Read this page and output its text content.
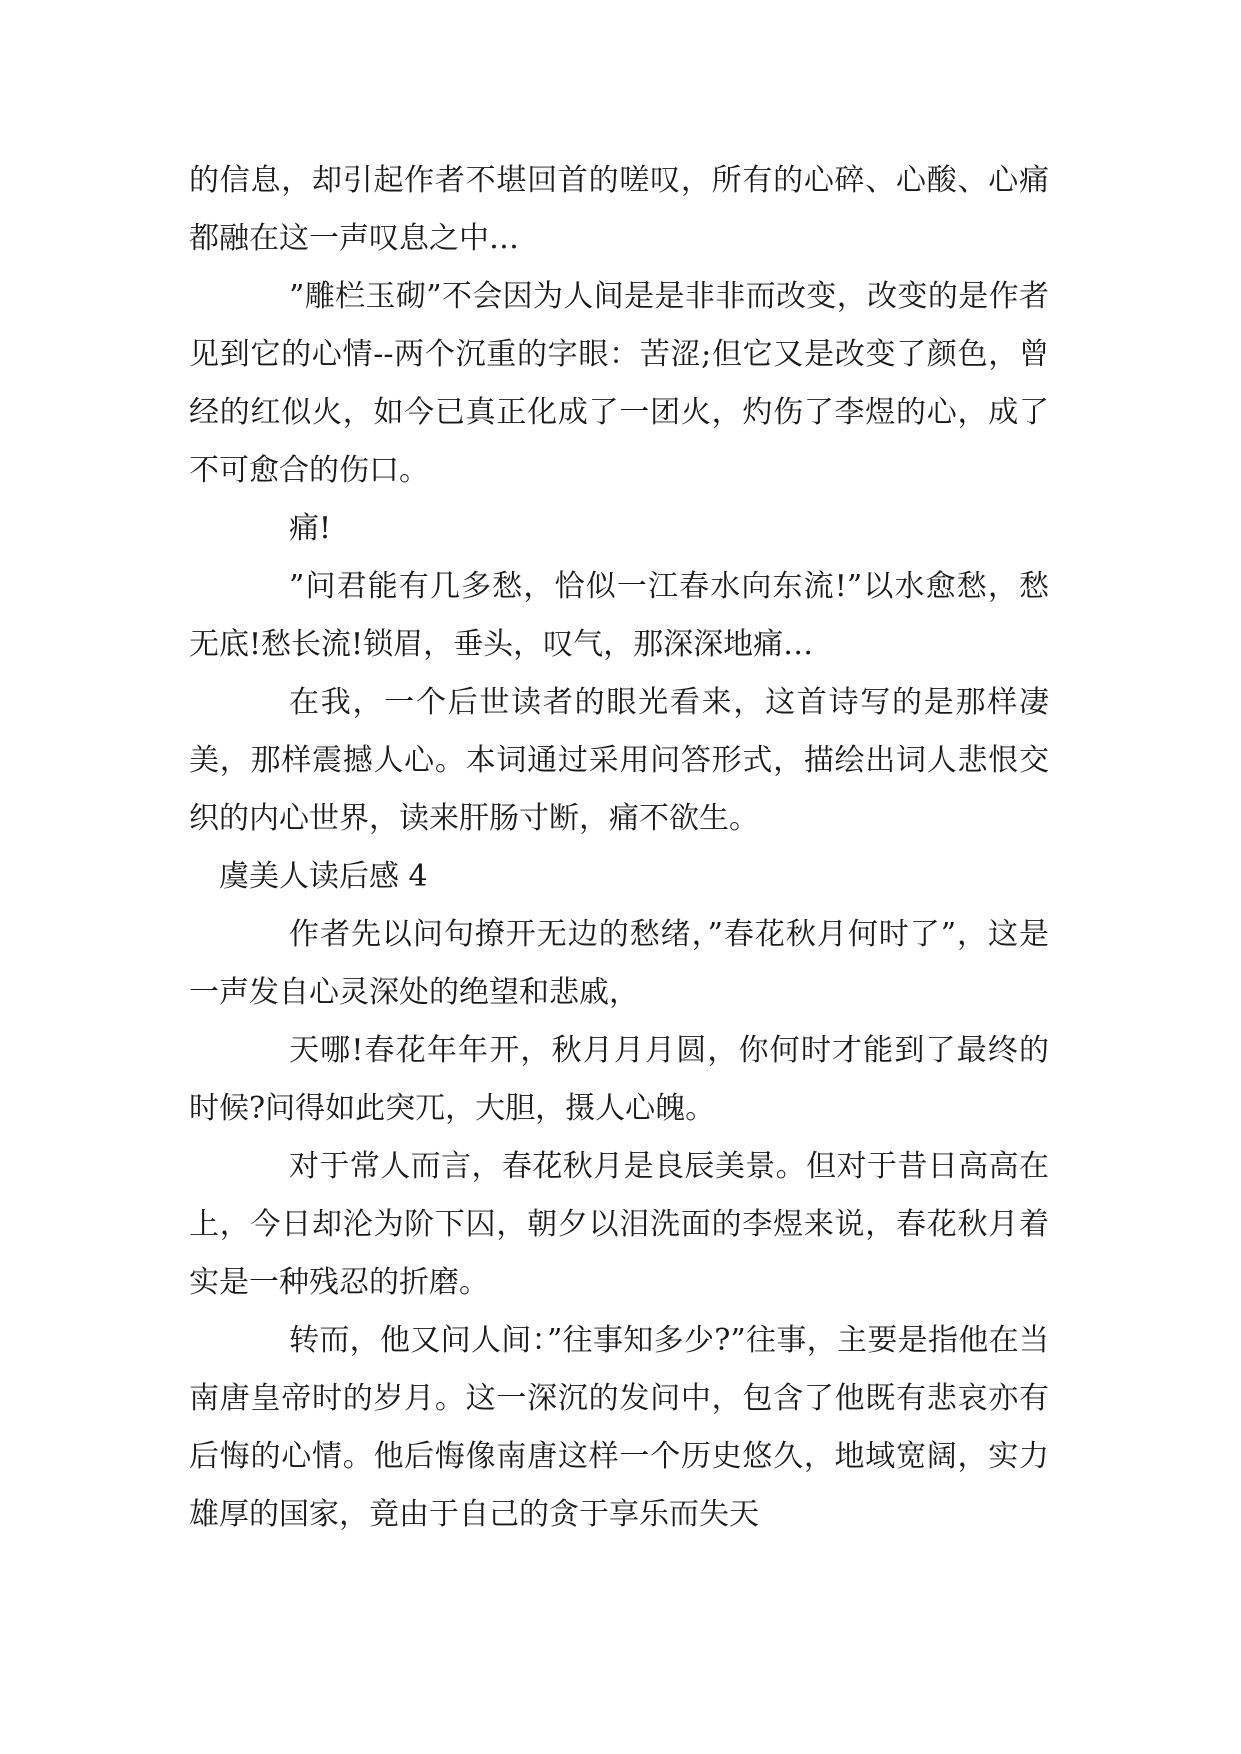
的信息，却引起作者不堪回首的嗟叹，所有的心碎、心酸、心痛都融在这一声叹息之中…

”雕栏玉砌”不会因为人间是是非非而改变，改变的是作者见到它的心情--两个沉重的字眼：苦涩;但它又是改变了颜色，曾经的红似火，如今已真正化成了一团火，灼伤了李煜的心，成了不可愈合的伤口。

痛!

”问君能有几多愁，恰似一江春水向东流!”以水愈愁，愁无底!愁长流!锁眉，垂头，叹气，那深深地痛…

在我，一个后世读者的眼光看来，这首诗写的是那样凄美，那样震撼人心。本词通过采用问答形式，描绘出词人悲恨交织的内心世界，读来肝肠寸断，痛不欲生。

虞美人读后感 4

作者先以问句撩开无边的愁绪，”春花秋月何时了”，这是一声发自心灵深处的绝望和悲戚，

天哪!春花年年开，秋月月月圆，你何时才能到了最终的时候?问得如此突兀，大胆，摄人心魄。

对于常人而言，春花秋月是良辰美景。但对于昔日高高在上，今日却沦为阶下囚，朝夕以泪洗面的李煜来说，春花秋月着实是一种残忍的折磨。

转而，他又问人间：”往事知多少?”往事，主要是指他在当南唐皇帝时的岁月。这一深沉的发问中，包含了他既有悲哀亦有后悔的心情。他后悔像南唐这样一个历史悠久，地域宽阔，实力雄厚的国家，竟由于自己的贪于享乐而失天
